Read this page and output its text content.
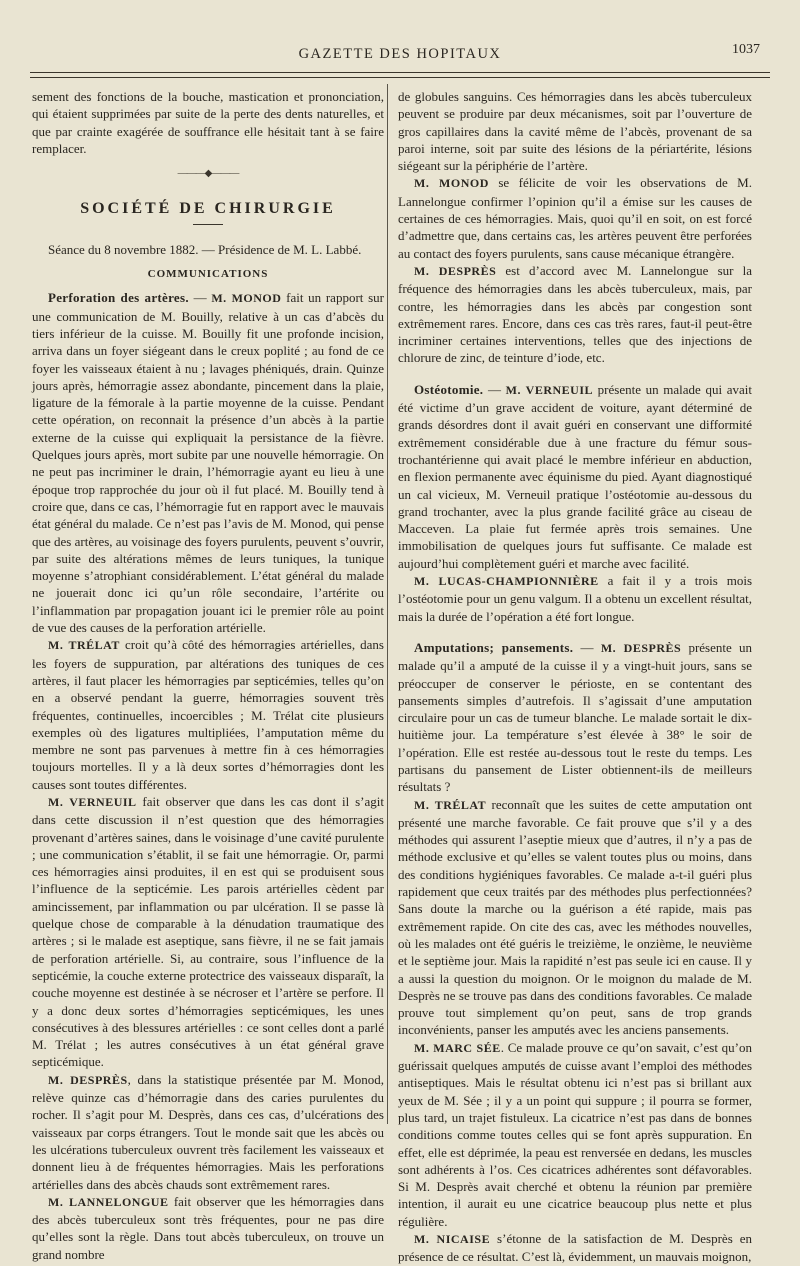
GAZETTE DES HOPITAUX	1037

sement des fonctions de la bouche, mastication et prononciation, qui étaient supprimées par suite de la perte des dents naturelles, et que par crainte exagérée de souffrance elle hésitait tant à se faire remplacer.

———◆———
SOCIÉTÉ DE CHIRURGIE

Séance du 8 novembre 1882. — Présidence de M. L. Labbé.

COMMUNICATIONS

Perforation des artères. — M. MONOD fait un rapport sur une communication de M. Bouilly, relative à un cas d’abcès du tiers inférieur de la cuisse. M. Bouilly fit une profonde incision, arriva dans un foyer siégeant dans le creux poplité ; au fond de ce foyer les vaisseaux étaient à nu ; lavages phéniqués, drain. Quinze jours après, hémorragie assez abondante, pincement dans la plaie, ligature de la fémorale à la partie moyenne de la cuisse. Pendant cette opération, on reconnait la présence d’un abcès à la partie externe de la cuisse qui expliquait la persistance de la fièvre. Quelques jours après, mort subite par une nouvelle hémorragie. On ne peut pas incriminer le drain, l’hémorragie ayant eu lieu à une époque trop rapprochée du jour où il fut placé. M. Bouilly tend à croire que, dans ce cas, l’hémorragie fut en rapport avec le mauvais état général du malade. Ce n’est pas l’avis de M. Monod, qui pense que des artères, au voisinage des foyers purulents, peuvent s’ouvrir, par suite des altérations mêmes de leurs tuniques, la tunique moyenne s’atrophiant considérablement. L’état général du malade ne jouerait donc ici qu’un rôle secondaire, l’artérite ou l’inflammation par propagation jouant ici le premier rôle au point de vue des causes de la perforation artérielle.

M. TRÉLAT croit qu’à côté des hémorragies artérielles, dans les foyers de suppuration, par altérations des tuniques de ces artères, il faut placer les hémorragies par septicémies, telles qu’on en a observé pendant la guerre, hémorragies souvent très fréquentes, continuelles, incoercibles ; M. Trélat cite plusieurs exemples où des ligatures multipliées, l’amputation même du membre ne sont pas parvenues à mettre fin à ces hémorragies toujours mortelles. Il y a là deux sortes d’hémorragies dont les causes sont toutes différentes.

M. VERNEUIL fait observer que dans les cas dont il s’agit dans cette discussion il n’est question que des hémorragies provenant d’artères saines, dans le voisinage d’une cavité purulente ; une communication s’établit, il se fait une hémorragie. Or, parmi ces hémorragies ainsi produites, il en est qui se produisent sous l’influence de la septicémie. Les parois artérielles cèdent par amincissement, par inflammation ou par ulcération. Il se passe là quelque chose de comparable à la dénudation traumatique des artères ; si le malade est aseptique, sans fièvre, il ne se fait jamais de perforation artérielle. Si, au contraire, sous l’influence de la septicémie, la couche externe protectrice des vaisseaux disparaît, la couche moyenne est destinée à se nécroser et l’artère se perfore. Il y a donc deux sortes d’hémorragies septicémiques, les unes consécutives à des blessures artérielles : ce sont celles dont a parlé M. Trélat ; les autres consécutives à un état général grave septicémique.

M. DESPRÈS, dans la statistique présentée par M. Monod, relève quinze cas d’hémorragie dans des caries purulentes du rocher. Il s’agit pour M. Desprès, dans ces cas, d’ulcérations des vaisseaux par corps étrangers. Tout le monde sait que les abcès ou les ulcérations tuberculeux ouvrent très facilement les vaisseaux et donnent lieu à de fréquentes hémorragies. Mais les perforations artérielles dans des abcès chauds sont extrêmement rares.

M. LANNELONGUE fait observer que les hémorragies dans des abcès tuberculeux sont très fréquentes, pour ne pas dire qu’elles sont la règle. Dans tout abcès tuberculeux, on trouve un grand nombre

de globules sanguins. Ces hémorragies dans les abcès tuberculeux peuvent se produire par deux mécanismes, soit par l’ouverture de gros capillaires dans la cavité même de l’abcès, provenant de sa paroi interne, soit par suite des lésions de la périartérite, lésions siégeant sur la périphérie de l’artère.

M. MONOD se félicite de voir les observations de M. Lannelongue confirmer l’opinion qu’il a émise sur les causes de certaines de ces hémorragies. Mais, quoi qu’il en soit, on est forcé d’admettre que, dans certains cas, les artères peuvent être perforées au contact des foyers purulents, sans cause mécanique étrangère.

M. DESPRÈS est d’accord avec M. Lannelongue sur la fréquence des hémorragies dans les abcès tuberculeux, mais, par contre, les hémorragies dans les abcès par congestion sont extrêmement rares. Encore, dans ces cas très rares, faut-il peut-être incriminer certaines interventions, telles que des injections de chlorure de zinc, de teinture d’iode, etc.

Ostéotomie. — M. VERNEUIL présente un malade qui avait été victime d’un grave accident de voiture, ayant déterminé de grands désordres dont il avait guéri en conservant une difformité extrêmement considérable due à une fracture du fémur sous-trochantérienne qui avait placé le membre inférieur en abduction, en flexion permanente avec équinisme du pied. Ayant diagnostiqué un cal vicieux, M. Verneuil pratique l’ostéotomie au-dessous du grand trochanter, avec la plus grande facilité grâce au ciseau de Macceven. La plaie fut fermée après trois semaines. Une immobilisation de quelques jours fut suffisante. Ce malade est aujourd’hui complètement guéri et marche avec facilité.

M. LUCAS-CHAMPIONNIÈRE a fait il y a trois mois l’ostéotomie pour un genu valgum. Il a obtenu un excellent résultat, mais la durée de l’opération a été fort longue.

Amputations; pansements. — M. DESPRÈS présente un malade qu’il a amputé de la cuisse il y a vingt-huit jours, sans se préoccuper de conserver le périoste, en se contentant des pansements simples d’autrefois. Il s’agissait d’une amputation circulaire pour un cas de tumeur blanche. Le malade sortait le dix-huitième jour. La température s’est élevée à 38° le soir de l’opération. Elle est restée au-dessous tout le reste du temps. Les partisans du pansement de Lister obtiennent-ils de meilleurs résultats ?

M. TRÉLAT reconnaît que les suites de cette amputation ont présenté une marche favorable. Ce fait prouve que s’il y a des méthodes qui assurent l’aseptie mieux que d’autres, il n’y a pas de méthode exclusive et qu’elles se valent toutes plus ou moins, dans des conditions hygiéniques favorables. Ce malade a-t-il guéri plus rapidement que ceux traités par des méthodes plus perfectionnées? Sans doute la marche ou la guérison a été rapide, mais pas extrêmement rapide. On cite des cas, avec les méthodes nouvelles, où les malades ont été guéris le treizième, le onzième, le neuvième et le septième jour. Mais la rapidité n’est pas seule ici en cause. Il y a aussi la question du moignon. Or le moignon du malade de M. Desprès ne se trouve pas dans des conditions favorables. Ce malade prouve tout simplement qu’on peut, sans de trop grands inconvénients, panser les amputés avec les anciens pansements.

M. MARC SÉE. Ce malade prouve ce qu’on savait, c’est qu’on guérissait quelques amputés de cuisse avant l’emploi des méthodes antiseptiques. Mais le résultat obtenu ici n’est pas si brillant aux yeux de M. Sée ; il y a un point qui suppure ; il pourra se former, plus tard, un trajet fistuleux. La cicatrice n’est pas dans de bonnes conditions comme toutes celles qui se font après suppuration. En effet, elle est déprimée, la peau est renversée en dedans, les muscles sont adhérents à l’os. Ces cicatrices adhérentes sont défavorables. Si M. Desprès avait cherché et obtenu la réunion par première intention, il aurait eu une cicatrice beaucoup plus nette et plus régulière.

M. NICAISE s’étonne de la satisfaction de M. Desprès en présence de ce résultat. C’est là, évidemment, un mauvais moignon,
